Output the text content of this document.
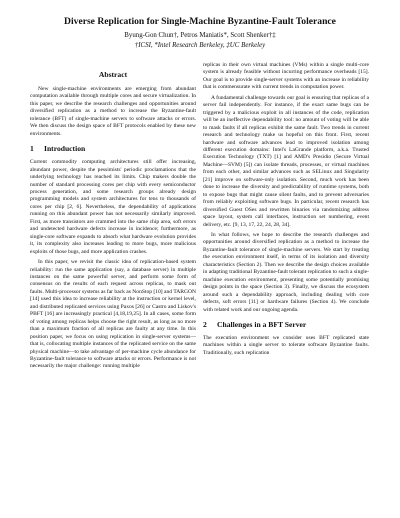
Diverse Replication for Single-Machine Byzantine-Fault Tolerance
Byung-Gon Chun†, Petros Maniatis*, Scott Shenker†‡
†ICSI, *Intel Research Berkeley, ‡UC Berkeley
Abstract

New single-machine environments are emerging from abundant computation available through multiple cores and secure virtualization. In this paper, we describe the research challenges and opportunities around diversified replication as a method to increase the Byzantine-fault tolerance (BFT) of single-machine servers to software attacks or errors. We then discuss the design space of BFT protocols enabled by these new environments.

1 Introduction

Current commodity computing architectures still offer increasing, abundant power, despite the pessimists' periodic proclamations that the underlying technology has reached its limits. Chip makers double the number of standard processing cores per chip with every semiconductor process generation, and some research groups already design programming models and system architectures for tens to thousands of cores per chip [2, 6]. Nevertheless, the dependability of applications running on this abundant power has not necessarily similarly improved. First, as more transistors are crammed into the same chip area, soft errors and undetected hardware defects increase in incidence; furthermore, as single-core software expands to absorb what hardware evolution provides it, its complexity also increases leading to more bugs, more malicious exploits of those bugs, and more application crashes.

In this paper, we revisit the classic idea of replication-based system reliability: run the same application (say, a database server) in multiple instances on the same powerful server, and perform some form of consensus on the results of each request across replicas, to mask out faults. Multi-processor systems as far back as NonStop [10] and TARGON [14] used this idea to increase reliability at the instruction or kernel level, and distributed replicated services using Paxos [26] or Castro and Liskov's PBFT [16] are increasingly practical [4,18,19,25]. In all cases, some form of voting among replicas helps choose the right result, as long as no more than a maximum fraction of all replicas are faulty at any time. In this position paper, we focus on using replication in single-server systems—that is, collocating multiple instances of the replicated service on the same physical machine—to take advantage of per-machine cycle abundance for Byzantine-fault tolerance to software attacks or errors. Performance is not necessarily the major challenge: running multiple

replicas in their own virtual machines (VMs) within a single multi-core system is already feasible without incurring performance overheads [15]. Our goal is to provide single-server systems with an increase in reliability that is commensurate with current trends in computation power.

A fundamental challenge towards our goal is ensuring that replicas of a server fail independently. For instance, if the exact same bugs can be triggered by a malicious exploit in all instances of the code, replication will be an ineffective dependability tool: no amount of voting will be able to mask faults if all replicas exhibit the same fault. Two trends in current research and technology make us hopeful on this front. First, recent hardware and software advances lead to improved isolation among different execution domains: Intel's LaGrande platform, a.k.a. Trusted Execution Technology (TXT) [1] and AMD's Presidio (Secure Virtual Machine—SVM) [5]) can isolate threads, processes, or virtual machines from each other, and similar advances such as SELinux and Singularity [21] improve on software-only isolation. Second, much work has been done to increase the diversity and predictability of runtime systems, both to expose bugs that might cause silent faults, and to prevent adversaries from reliably exploiting software bugs. In particular, recent research has diversified Guest OSes and rewritten binaries via randomizing address space layout, system call interfaces, instruction set numbering, event delivery, etc. [9, 13, 17, 22, 24, 28, 34].

In what follows, we hope to describe the research challenges and opportunities around diversified replication as a method to increase the Byzantine-fault tolerance of single-machine servers. We start by treating the execution environment itself, in terms of its isolation and diversity characteristics (Section 2). Then we describe the design choices available in adapting traditional Byzantine-fault tolerant replication to such a single-machine execution environment, presenting some potentially promising design points in the space (Section 3). Finally, we discuss the ecosystem around such a dependability approach, including dealing with core defects, soft errors [11] or hardware failures (Section 4). We conclude with related work and our ongoing agenda.

2 Challenges in a BFT Server

The execution environment we consider uses BFT replicated state machines within a single server to tolerate software Byzantine faults. Traditionally, such replication
